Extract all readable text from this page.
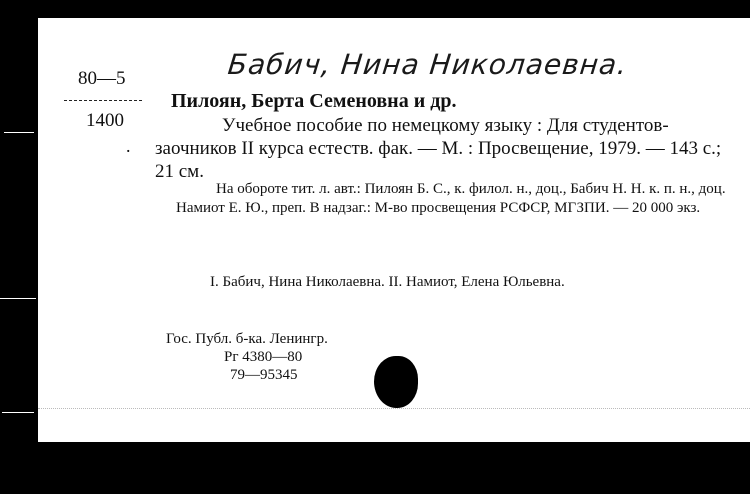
Бабич, Нина Николаевна.
80—5
1400
.
Пилоян, Берта Семеновна и др.
Учебное пособие по немецкому языку : Для студентов-заочников II курса естеств. фак. — М. : Просвещение, 1979. — 143 с.; 21 см.
На обороте тит. л. авт.: Пилоян Б. С., к. филол. н., доц., Бабич Н. Н. к. п. н., доц. Намиот Е. Ю., преп. В надзаг.: М-во просвещения РСФСР, МГЗПИ. — 20 000 экз.
I. Бабич, Нина Николаевна. II. Намиот, Елена Юльевна.
Гос. Публ. б-ка. Ленингр.
Рг 4380—80
79—95345
